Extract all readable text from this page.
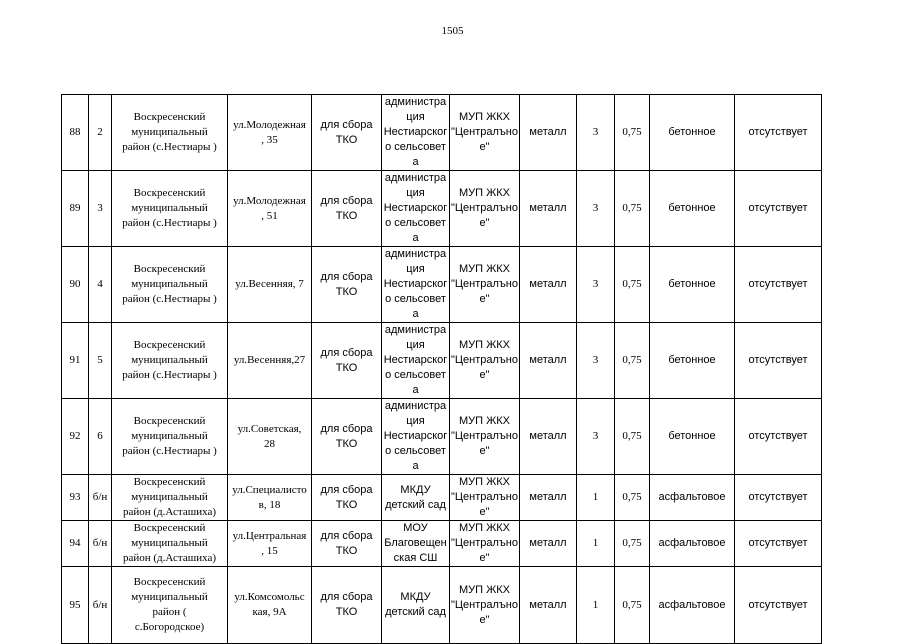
1505
88	2	Воскресенский
муниципальный
район (с.Нестиары )	ул.Молодежная
, 35	для сбора
ТКО	администра
ция
Нестиарског
о сельсовета	МУП ЖКХ
"Централъно
е"	металл	3	0,75	бетонное	отсутствует

89	3	Воскресенский
муниципальный
район (с.Нестиары )	ул.Молодежная
, 51	для сбора
ТКО	администра
ция
Нестиарског
о сельсовета	МУП ЖКХ
"Централъно
е"	металл	3	0,75	бетонное	отсутствует

90	4	Воскресенский
муниципальный
район (с.Нестиары )	ул.Весенняя, 7	для сбора
ТКО	администра
ция
Нестиарског
о сельсовета	МУП ЖКХ
"Централъно
е"	металл	3	0,75	бетонное	отсутствует

91	5	Воскресенский
муниципальный
район (с.Нестиары )	ул.Весенняя,27	для сбора
ТКО	администра
ция
Нестиарског
о сельсовета	МУП ЖКХ
"Централъно
е"	металл	3	0,75	бетонное	отсутствует

92	6	Воскресенский
муниципальный
район (с.Нестиары )	ул.Советская,
28	для сбора
ТКО	администра
ция
Нестиарског
о сельсовета	МУП ЖКХ
"Централъно
е"	металл	3	0,75	бетонное	отсутствует

93	б/н	Воскресенский
муниципальный
район (д.Асташиха)	ул.Специалисто
в, 18	для сбора
ТКО	МКДУ
детский сад	МУП ЖКХ
"Централъно
е"	металл	1	0,75	асфальтовое	отсутствует

94	б/н	Воскресенский
муниципальный
район (д.Асташиха)	ул.Центральная
, 15	для сбора
ТКО	МОУ
Благовещен
ская СШ	МУП ЖКХ
"Централъно
е"	металл	1	0,75	асфальтовое	отсутствует

95	б/н	Воскресенский
муниципальный
район (
с.Богородское)	ул.Комсомольс
кая, 9А	для сбора
ТКО	МКДУ
детский сад	МУП ЖКХ
"Централъно
е"	металл	1	0,75	асфальтовое	отсутствует
